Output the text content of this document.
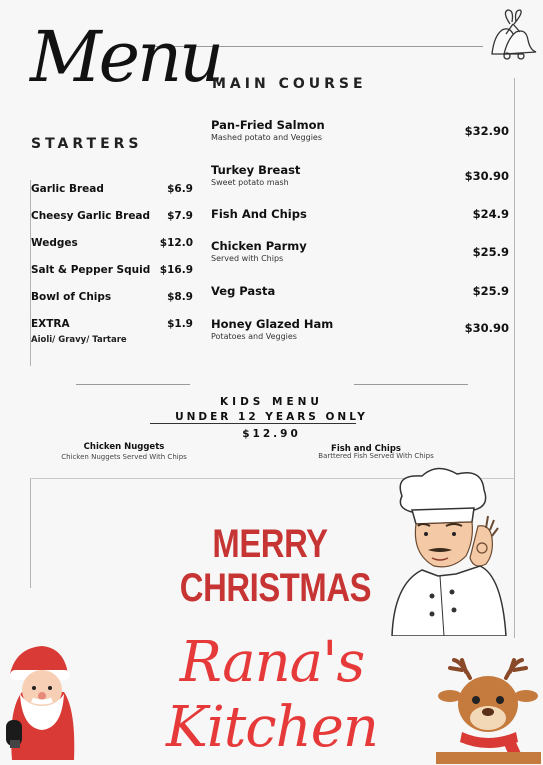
Menu
STARTERS
MAIN COURSE
Garlic Bread	$6.9
Cheesy Garlic Bread $7.9
Wedges	$12.0
Salt & Pepper Squid $16.9
Bowl of Chips	$8.9
EXTRA	$1.9
Aioli/ Gravy/ Tartare
Pan-Fried Salmon
Mashed potato and Veggies	$32.90
Turkey Breast
Sweet potato mash	$30.90
Fish And Chips	$24.9
Chicken Parmy
Served with Chips	$25.9
Veg Pasta	$25.9
Honey Glazed Ham
Potatoes and Veggies
$30.90
KIDS MENU
UNDER 12 YEARS ONLY
$12.90
Chicken Nuggets
Chicken Nuggets Served With Chips
Fish and Chips
Barttered Fish Served With Chips
MERRY
CHRISTMAS
Rana's Kitchen
